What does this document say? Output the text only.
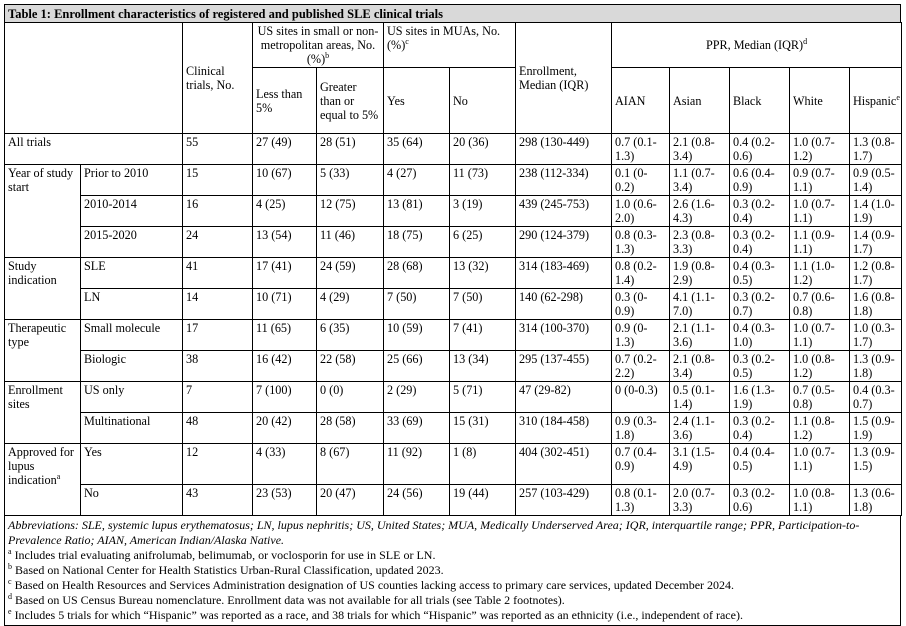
Table 1: Enrollment characteristics of registered and published SLE clinical trials
		Clinical trials, No.	US sites in small or non-metropolitan areas, No. (%)$^b$		US sites in MUAs, No. (%)$^c$		Enrollment, Median (IQR)	PPR, Median (IQR)$^d$
			Less than 5%	Greater than or equal to 5%	Yes	No		AIAN	Asian	Black	White	Hispanic$^e$
All trials		55	27 (49)	28 (51)	35 (64)	20 (36)	298 (130-449)	0.7 (0.1-1.3)	2.1 (0.8-3.4)	0.4 (0.2-0.6)	1.0 (0.7-1.2)	1.3 (0.8-1.7)
Year of study start	Prior to 2010	15	10 (67)	5 (33)	4 (27)	11 (73)	238 (112-334)	0.1 (0-0.2)	1.1 (0.7-3.4)	0.6 (0.4-0.9)	0.9 (0.7-1.1)	0.9 (0.5-1.4)
	2010-2014	16	4 (25)	12 (75)	13 (81)	3 (19)	439 (245-753)	1.0 (0.6-2.0)	2.6 (1.6-4.3)	0.3 (0.2-0.4)	1.0 (0.7-1.1)	1.4 (1.0-1.9)
	2015-2020	24	13 (54)	11 (46)	18 (75)	6 (25)	290 (124-379)	0.8 (0.3-1.3)	2.3 (0.8-3.3)	0.3 (0.2-0.4)	1.1 (0.9-1.1)	1.4 (0.9-1.7)
Study indication	SLE	41	17 (41)	24 (59)	28 (68)	13 (32)	314 (183-469)	0.8 (0.2-1.4)	1.9 (0.8-2.9)	0.4 (0.3-0.5)	1.1 (1.0-1.2)	1.2 (0.8-1.7)
	LN	14	10 (71)	4 (29)	7 (50)	7 (50)	140 (62-298)	0.3 (0-0.9)	4.1 (1.1-7.0)	0.3 (0.2-0.7)	0.7 (0.6-0.8)	1.6 (0.8-1.8)
Therapeutic type	Small molecule	17	11 (65)	6 (35)	10 (59)	7 (41)	314 (100-370)	0.9 (0-1.3)	2.1 (1.1-3.6)	0.4 (0.3-1.0)	1.0 (0.7-1.1)	1.0 (0.3-1.7)
	Biologic	38	16 (42)	22 (58)	25 (66)	13 (34)	295 (137-455)	0.7 (0.2-2.2)	2.1 (0.8-3.4)	0.3 (0.2-0.5)	1.0 (0.8-1.2)	1.3 (0.9-1.8)
Enrollment sites	US only	7	7 (100)	0 (0)	2 (29)	5 (71)	47 (29-82)	0 (0-0.3)	0.5 (0.1-1.4)	1.6 (1.3-1.9)	0.7 (0.5-0.8)	0.4 (0.3-0.7)
	Multinational	48	20 (42)	28 (58)	33 (69)	15 (31)	310 (184-458)	0.9 (0.3-1.8)	2.4 (1.1-3.6)	0.3 (0.2-0.4)	1.1 (0.8-1.2)	1.5 (0.9-1.9)
Approved for lupus indication$^a$	Yes	12	4 (33)	8 (67)	11 (92)	1 (8)	404 (302-451)	0.7 (0.4-0.9)	3.1 (1.5-4.9)	0.4 (0.4-0.5)	1.0 (0.7-1.1)	1.3 (0.9-1.5)
	No	43	23 (53)	20 (47)	24 (56)	19 (44)	257 (103-429)	0.8 (0.1-1.3)	2.0 (0.7-3.3)	0.3 (0.2-0.6)	1.0 (0.8-1.1)	1.3 (0.6-1.8)

Abbreviations: SLE, systemic lupus erythematosus; LN, lupus nephritis; US, United States; MUA, Medically Underserved Area; IQR, interquartile range; PPR, Participation-to-Prevalence Ratio; AIAN, American Indian/Alaska Native.

$^a$ Includes trial evaluating anifrolumab, belimumab, or voclosporin for use in SLE or LN.

$^b$ Based on National Center for Health Statistics Urban-Rural Classification, updated 2023.

$^c$ Based on Health Resources and Services Administration designation of US counties lacking access to primary care services, updated December 2024.

$^d$ Based on US Census Bureau nomenclature. Enrollment data was not available for all trials (see Table 2 footnotes).

$^e$ Includes 5 trials for which “Hispanic” was reported as a race, and 38 trials for which “Hispanic” was reported as an ethnicity (i.e., independent of race).
